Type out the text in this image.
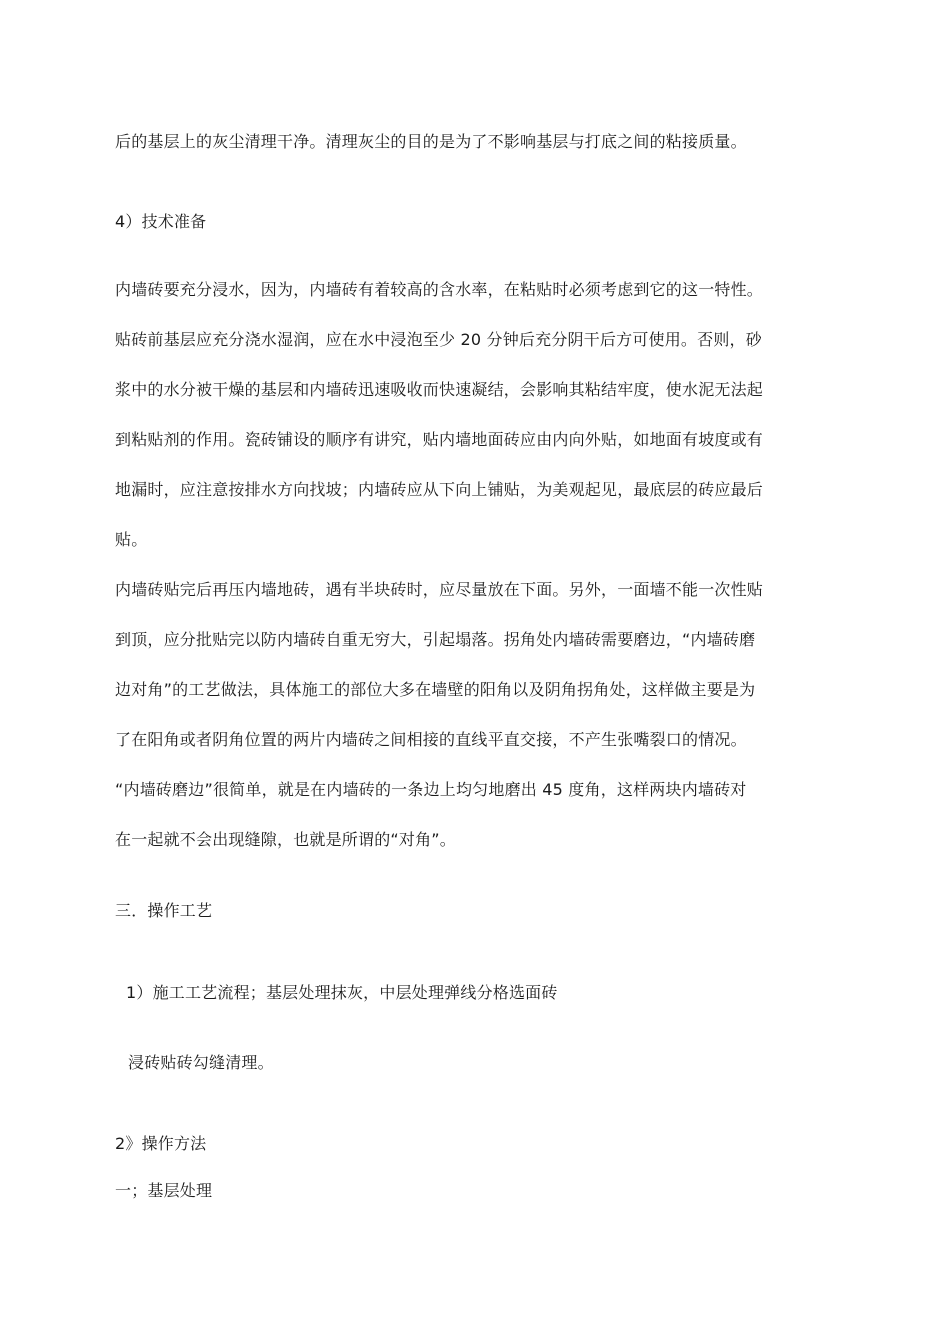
后的基层上的灰尘清理干净。清理灰尘的目的是为了不影响基层与打底之间的粘接质量。
4）技术准备
内墙砖要充分浸水，因为，内墙砖有着较高的含水率，在粘贴时必须考虑到它的这一特性。
贴砖前基层应充分浇水湿润，应在水中浸泡至少 20 分钟后充分阴干后方可使用。否则，砂
浆中的水分被干燥的基层和内墙砖迅速吸收而快速凝结，会影响其粘结牢度，使水泥无法起
到粘贴剂的作用。瓷砖铺设的顺序有讲究，贴内墙地面砖应由内向外贴，如地面有坡度或有
地漏时，应注意按排水方向找坡；内墙砖应从下向上铺贴，为美观起见，最底层的砖应最后
贴。
内墙砖贴完后再压内墙地砖，遇有半块砖时，应尽量放在下面。另外，一面墙不能一次性贴
到顶，应分批贴完以防内墙砖自重无穷大，引起塌落。拐角处内墙砖需要磨边，“内墙砖磨
边对角”的工艺做法，具体施工的部位大多在墙壁的阳角以及阴角拐角处，这样做主要是为
了在阳角或者阴角位置的两片内墙砖之间相接的直线平直交接，不产生张嘴裂口的情况。
“内墙砖磨边”很简单，就是在内墙砖的一条边上均匀地磨出 45 度角，这样两块内墙砖对
在一起就不会出现缝隙，也就是所谓的“对角”。
三．操作工艺
1）施工工艺流程；基层处理抹灰，中层处理弹线分格选面砖
浸砖贴砖勾缝清理。
2》操作方法
一；基层处理
